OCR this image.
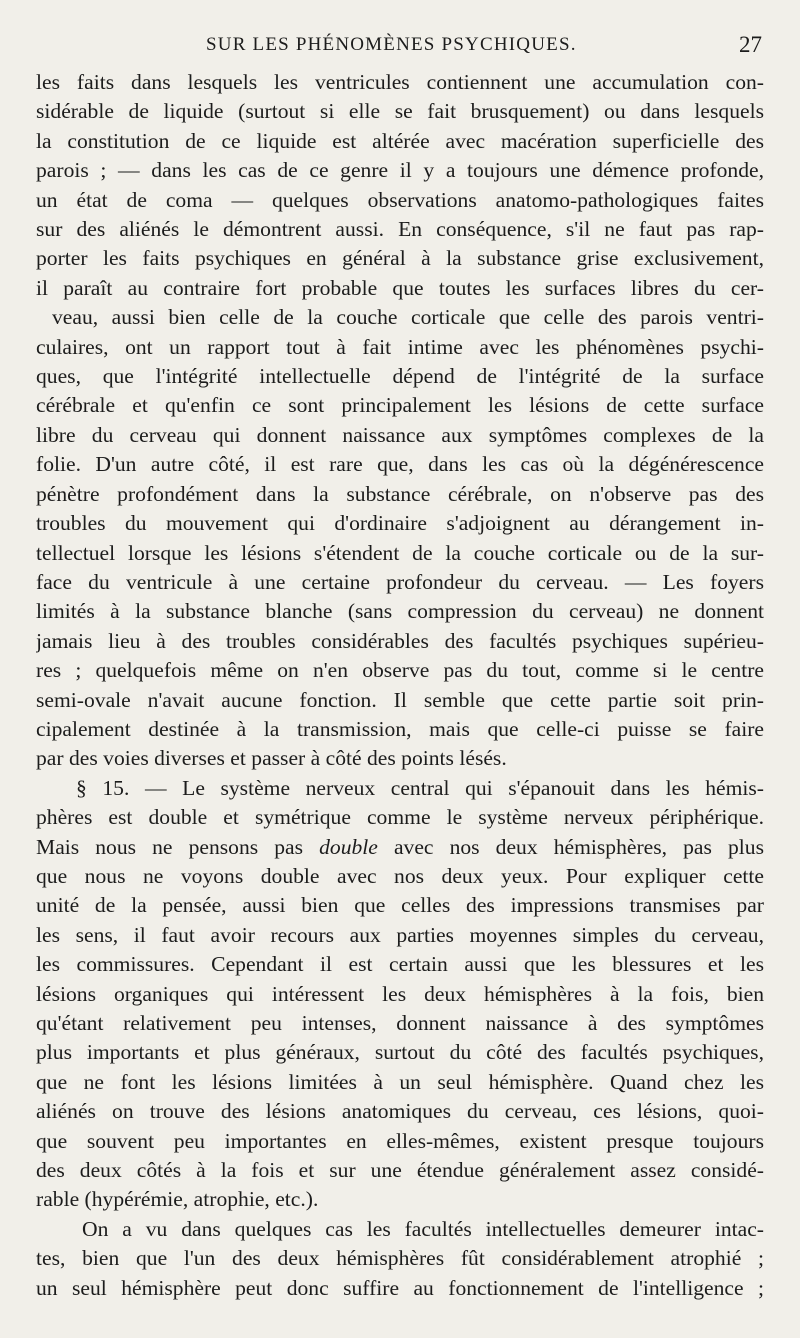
SUR LES PHÉNOMÈNES PSYCHIQUES.	27
les faits dans lesquels les ventricules contiennent une accumulation con-
sidérable de liquide (surtout si elle se fait brusquement) ou dans lesquels
la constitution de ce liquide est altérée avec macération superficielle des
parois ; — dans les cas de ce genre il y a toujours une démence profonde,
un état de coma — quelques observations anatomo-pathologiques faites
sur des aliénés le démontrent aussi. En conséquence, s'il ne faut pas rap-
porter les faits psychiques en général à la substance grise exclusivement,
il paraît au contraire fort probable que toutes les surfaces libres du cer-
veau, aussi bien celle de la couche corticale que celle des parois ventri-
culaires, ont un rapport tout à fait intime avec les phénomènes psychi-
ques, que l'intégrité intellectuelle dépend de l'intégrité de la surface
cérébrale et qu'enfin ce sont principalement les lésions de cette surface
libre du cerveau qui donnent naissance aux symptômes complexes de la
folie. D'un autre côté, il est rare que, dans les cas où la dégénérescence
pénètre profondément dans la substance cérébrale, on n'observe pas des
troubles du mouvement qui d'ordinaire s'adjoignent au dérangement in-
tellectuel lorsque les lésions s'étendent de la couche corticale ou de la sur-
face du ventricule à une certaine profondeur du cerveau. — Les foyers
limités à la substance blanche (sans compression du cerveau) ne donnent
jamais lieu à des troubles considérables des facultés psychiques supérieu-
res ; quelquefois même on n'en observe pas du tout, comme si le centre
semi-ovale n'avait aucune fonction. Il semble que cette partie soit prin-
cipalement destinée à la transmission, mais que celle-ci puisse se faire
par des voies diverses et passer à côté des points lésés.
§ 15. — Le système nerveux central qui s'épanouit dans les hémis-
phères est double et symétrique comme le système nerveux périphérique.
Mais nous ne pensons pas double avec nos deux hémisphères, pas plus
que nous ne voyons double avec nos deux yeux. Pour expliquer cette
unité de la pensée, aussi bien que celles des impressions transmises par
les sens, il faut avoir recours aux parties moyennes simples du cerveau,
les commissures. Cependant il est certain aussi que les blessures et les
lésions organiques qui intéressent les deux hémisphères à la fois, bien
qu'étant relativement peu intenses, donnent naissance à des symptômes
plus importants et plus généraux, surtout du côté des facultés psychiques,
que ne font les lésions limitées à un seul hémisphère. Quand chez les
aliénés on trouve des lésions anatomiques du cerveau, ces lésions, quoi-
que souvent peu importantes en elles-mêmes, existent presque toujours
des deux côtés à la fois et sur une étendue généralement assez considé-
rable (hypérémie, atrophie, etc.).
On a vu dans quelques cas les facultés intellectuelles demeurer intac-
tes, bien que l'un des deux hémisphères fût considérablement atrophié ;
un seul hémisphère peut donc suffire au fonctionnement de l'intelligence ;
